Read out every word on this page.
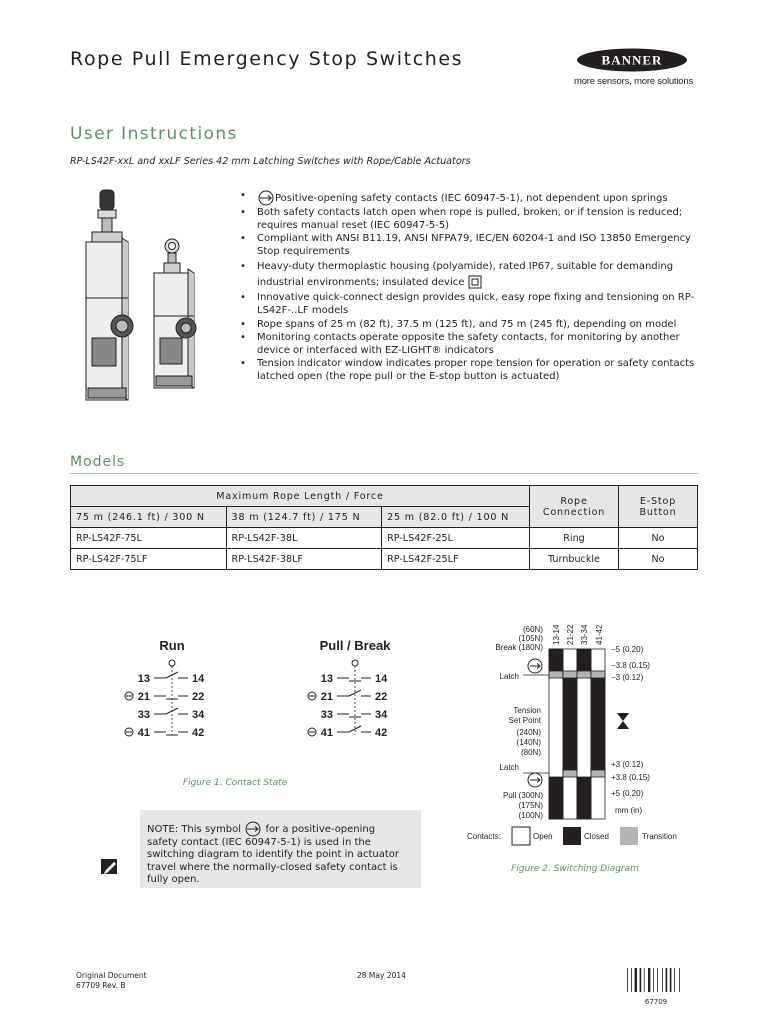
Rope Pull Emergency Stop Switches	BANNER
more sensors, more solutions
User Instructions
RP-LS42F-xxL and xxLF Series 42 mm Latching Switches with Rope/Cable Actuators
• Positive-opening safety contacts (IEC 60947-5-1), not dependent upon springs
• Both safety contacts latch open when rope is pulled, broken, or if tension is reduced; requires manual reset (IEC 60947-5-5)
• Compliant with ANSI B11.19, ANSI NFPA79, IEC/EN 60204-1 and ISO 13850 Emergency Stop requirements
• Heavy-duty thermoplastic housing (polyamide), rated IP67, suitable for demanding industrial environments; insulated device
• Innovative quick-connect design provides quick, easy rope fixing and tensioning on RP-LS42F-..LF models
• Rope spans of 25 m (82 ft), 37.5 m (125 ft), and 75 m (245 ft), depending on model
• Monitoring contacts operate opposite the safety contacts, for monitoring by another device or interfaced with EZ-LIGHT® indicators
• Tension indicator window indicates proper rope tension for operation or safety contacts latched open (the rope pull or the E-stop button is actuated)
Models
Maximum Rope Length / Force			Rope Connection	E-Stop Button
75 m (246.1 ft) / 300 N	38 m (124.7 ft) / 175 N	25 m (82.0 ft) / 100 N		
RP-LS42F-75L	RP-LS42F-38L	RP-LS42F-25L	Ring	No
RP-LS42F-75LF	RP-LS42F-38LF	RP-LS42F-25LF	Turnbuckle	No
Run	Pull / Break
13	14
21	22
33	34
41	42
13	14
21	22
33	34
41	42
Figure 1. Contact State
NOTE: This symbol for a positive-opening safety contact (IEC 60947-5-1) is used in the switching diagram to identify the point in actuator travel where the normally-closed safety contact is fully open.
13-14 21-22 33-34 41-42
(60N)
(105N)
Break (180N)
Latch
Tension
Set Point
(240N)
(140N)
(80N)
Latch
Pull (300N)
(175N)
(100N)
−5 (0.20)
−3.8 (0.15)
−3 (0.12)
+3 (0.12)
+3.8 (0.15)
+5 (0.20)
mm (in)
Contacts:	Open	Closed	Transition
Figure 2. Switching Diagram
Original Document
67709 Rev. B
28 May 2014
67709
